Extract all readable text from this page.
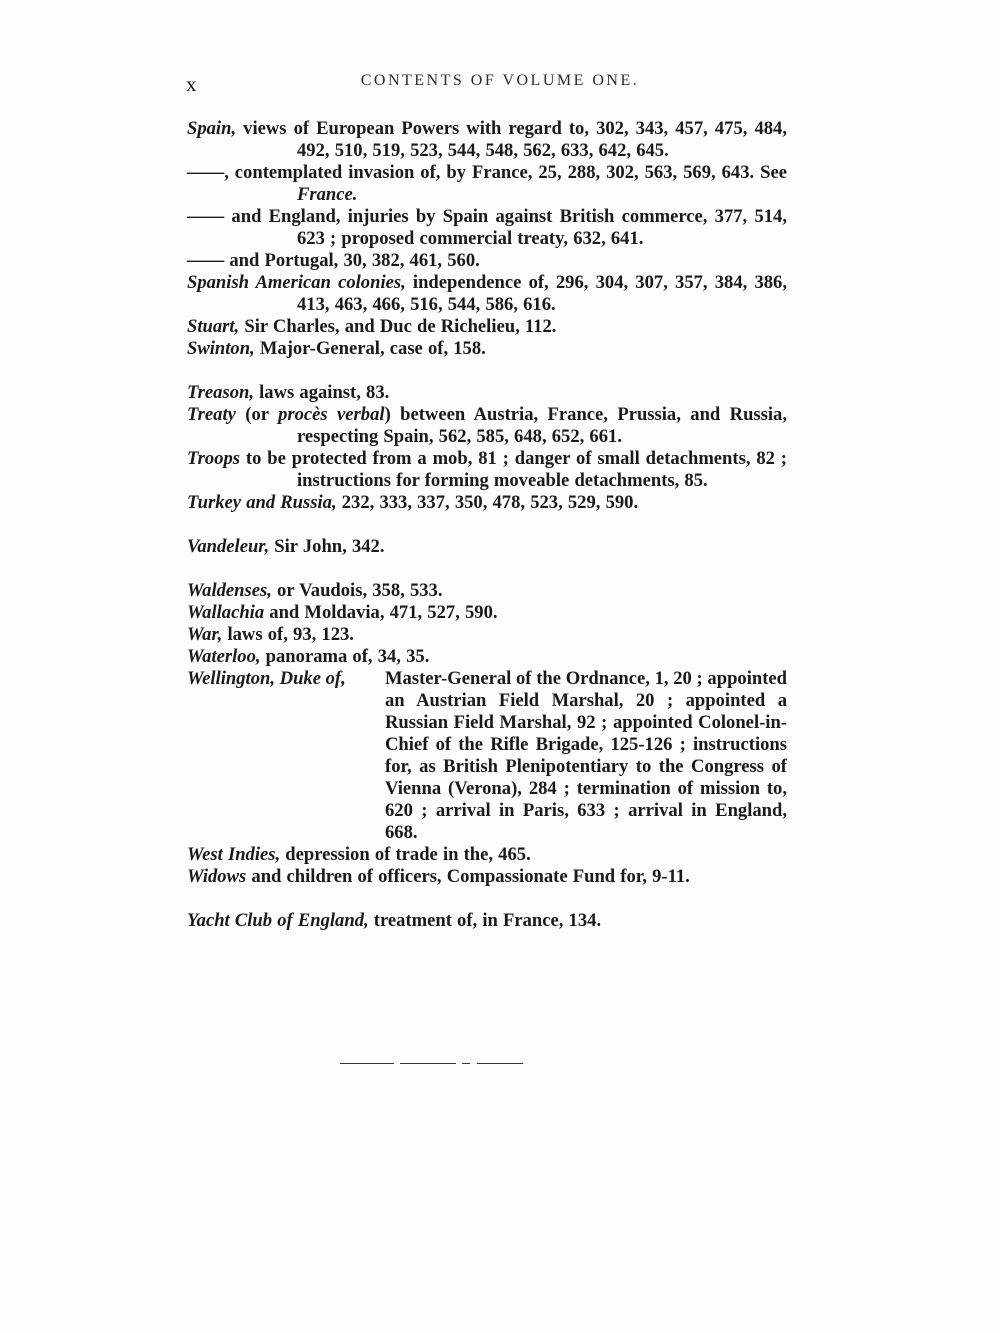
x	CONTENTS OF VOLUME ONE.

Spain, views of European Powers with regard to, 302, 343, 457, 475, 484, 492, 510, 519, 523, 544, 548, 562, 633, 642, 645.

——, contemplated invasion of, by France, 25, 288, 302, 563, 569, 643. See France.

—— and England, injuries by Spain against British commerce, 377, 514, 623 ; proposed commercial treaty, 632, 641.

—— and Portugal, 30, 382, 461, 560.

Spanish American colonies, independence of, 296, 304, 307, 357, 384, 386, 413, 463, 466, 516, 544, 586, 616.

Stuart, Sir Charles, and Duc de Richelieu, 112.

Swinton, Major-General, case of, 158.

Treason, laws against, 83.

Treaty (or procès verbal) between Austria, France, Prussia, and Russia, respecting Spain, 562, 585, 648, 652, 661.

Troops to be protected from a mob, 81 ; danger of small detachments, 82 ; instructions for forming moveable detachments, 85.

Turkey and Russia, 232, 333, 337, 350, 478, 523, 529, 590.

Vandeleur, Sir John, 342.

Waldenses, or Vaudois, 358, 533.

Wallachia and Moldavia, 471, 527, 590.

War, laws of, 93, 123.

Waterloo, panorama of, 34, 35.

Wellington, Duke of,	Master-General of the Ordnance, 1, 20 ; appointed an Austrian Field Marshal, 20 ; appointed a Russian Field Marshal, 92 ; appointed Colonel-in-Chief of the Rifle Brigade, 125-126 ; instructions for, as British Plenipotentiary to the Congress of Vienna (Verona), 284 ; termination of mission to, 620 ; arrival in Paris, 633 ; arrival in England, 668.

West Indies, depression of trade in the, 465.

Widows and children of officers, Compassionate Fund for, 9-11.

Yacht Club of England, treatment of, in France, 134.
